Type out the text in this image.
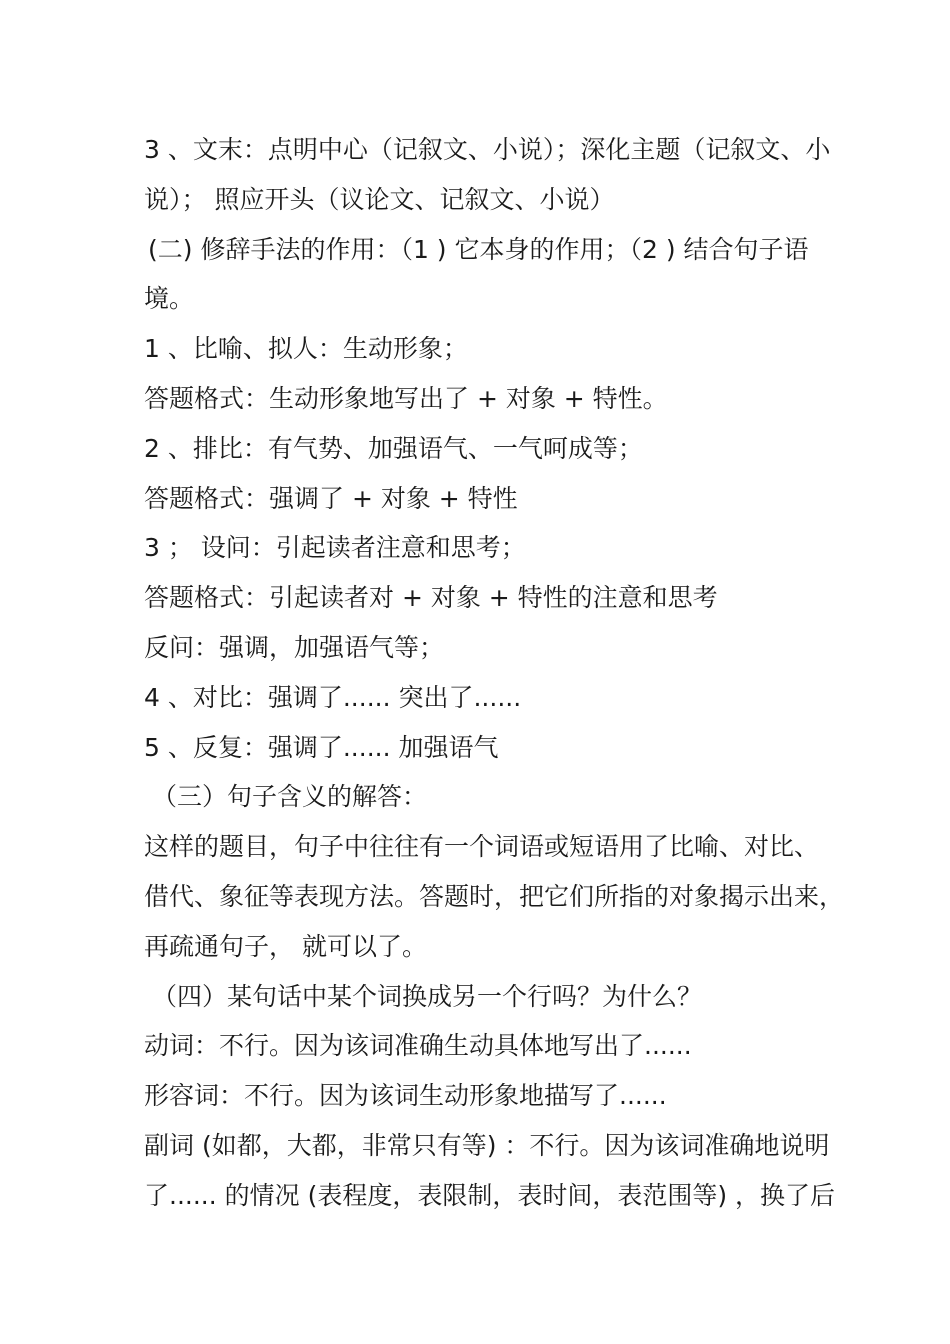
3 、文末：点明中心（记叙文、小说）；深化主题（记叙文、小
说）； 照应开头（议论文、记叙文、小说）
(二) 修辞手法的作用：（1 ) 它本身的作用；（2 ) 结合句子语
境。
1 、比喻、拟人：生动形象；
答题格式：生动形象地写出了 + 对象 + 特性。
2 、排比：有气势、加强语气、一气呵成等；
答题格式：强调了 + 对象 + 特性
3 ； 设问：引起读者注意和思考；
答题格式：引起读者对 + 对象 + 特性的注意和思考
反问：强调，加强语气等；
4 、对比：强调了...... 突出了......
5 、反复：强调了...... 加强语气
（三）句子含义的解答：
这样的题目，句子中往往有一个词语或短语用了比喻、对比、
借代、象征等表现方法。答题时，把它们所指的对象揭示出来，
再疏通句子， 就可以了。
（四）某句话中某个词换成另一个行吗？为什么？
动词：不行。因为该词准确生动具体地写出了......
形容词：不行。因为该词生动形象地描写了......
副词 (如都，大都，非常只有等) ：不行。因为该词准确地说明
了...... 的情况 (表程度，表限制，表时间，表范围等) ，换了后
